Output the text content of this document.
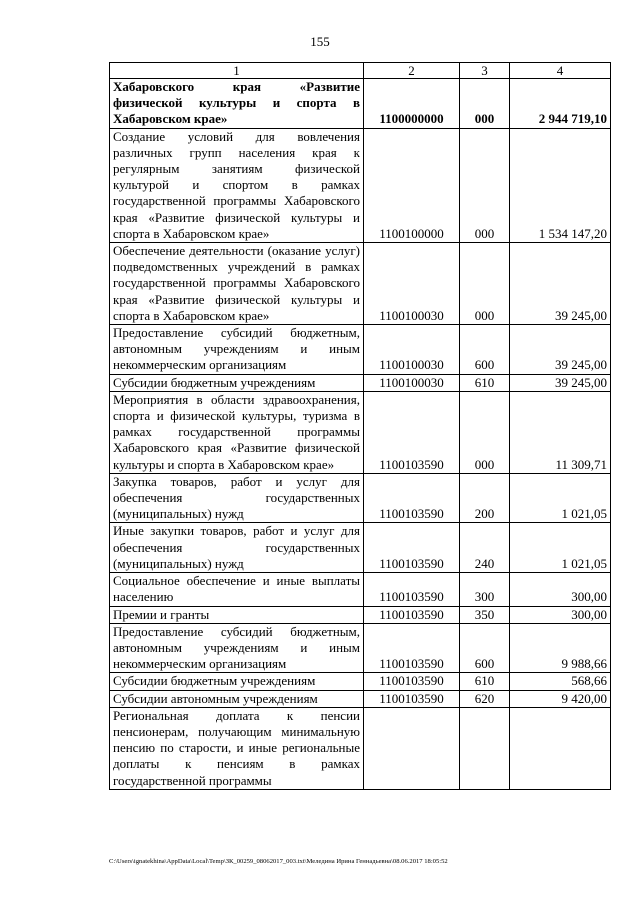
155
1	2	3	4
Хабаровского края «Развитие физической культуры и спорта в Хабаровском крае»	1100000000	000	2 944 719,10
Создание условий для вовлечения различных групп населения края к регулярным занятиям физической культурой и спортом в рамках государственной программы Хабаровского края «Развитие физической культуры и спорта в Хабаровском крае»	1100100000	000	1 534 147,20
Обеспечение деятельности (оказание услуг) подведомственных учреждений в рамках государственной программы Хабаровского края «Развитие физической культуры и спорта в Хабаровском крае»	1100100030	000	39 245,00
Предоставление субсидий бюджетным, автономным учреждениям и иным некоммерческим организациям	1100100030	600	39 245,00
Субсидии бюджетным учреждениям	1100100030	610	39 245,00
Мероприятия в области здравоохранения, спорта и физической культуры, туризма в рамках государственной программы Хабаровского края «Развитие физической культуры и спорта в Хабаровском крае»	1100103590	000	11 309,71
Закупка товаров, работ и услуг для обеспечения государственных (муниципальных) нужд	1100103590	200	1 021,05
Иные закупки товаров, работ и услуг для обеспечения государственных (муниципальных) нужд	1100103590	240	1 021,05
Социальное обеспечение и иные выплаты населению	1100103590	300	300,00
Премии и гранты	1100103590	350	300,00
Предоставление субсидий бюджетным, автономным учреждениям и иным некоммерческим организациям	1100103590	600	9 988,66
Субсидии бюджетным учреждениям	1100103590	610	568,66
Субсидии автономным учреждениям	1100103590	620	9 420,00
Региональная доплата к пенсии пенсионерам, получающим минимальную пенсию по старости, и иные региональные доплаты к пенсиям в рамках государственной программы			
C:\Users\ignatekhina\AppData\Local\Temp\ЗК_00259_08062017_003.txt\Меледина Ирина Геннадьевна\08.06.2017 18:05:52
